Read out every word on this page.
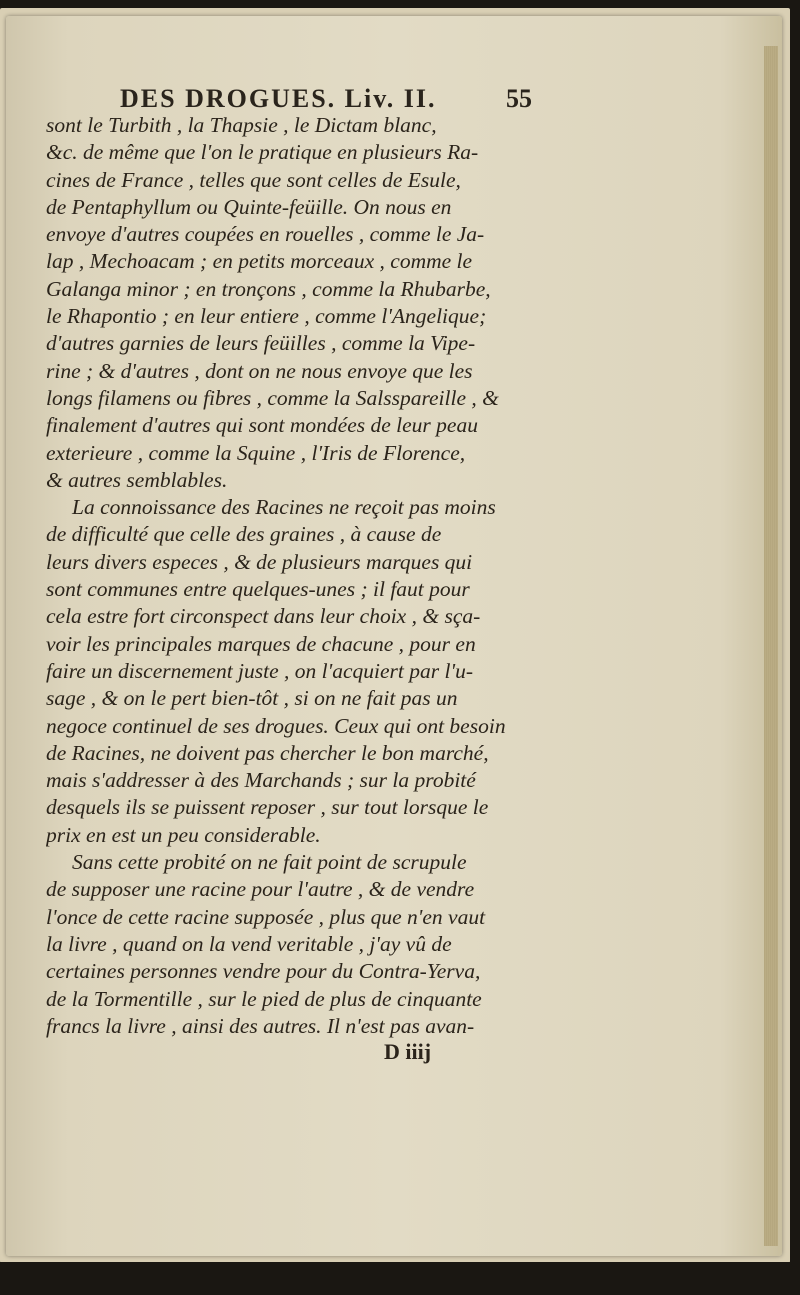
DES DROGUES. Liv. II.	55
sont le Turbith , la Thapsie , le Dictam blanc,
&c. de même que l'on le pratique en plusieurs Ra-
cines de France , telles que sont celles de Esule,
de Pentaphyllum ou Quinte-feüille. On nous en
envoye d'autres coupées en rouelles , comme le Ja-
lap , Mechoacam ; en petits morceaux , comme le
Galanga minor ; en tronçons , comme la Rhubarbe,
le Rhapontio ; en leur entiere , comme l'Angelique;
d'autres garnies de leurs feüilles , comme la Vipe-
rine ; & d'autres , dont on ne nous envoye que les
longs filamens ou fibres , comme la Salsspareille , &
finalement d'autres qui sont mondées de leur peau
exterieure , comme la Squine , l'Iris de Florence,
& autres semblables.
La connoissance des Racines ne reçoit pas moins
de difficulté que celle des graines , à cause de
leurs divers especes , & de plusieurs marques qui
sont communes entre quelques-unes ; il faut pour
cela estre fort circonspect dans leur choix , & sça-
voir les principales marques de chacune , pour en
faire un discernement juste , on l'acquiert par l'u-
sage , & on le pert bien-tôt , si on ne fait pas un
negoce continuel de ses drogues. Ceux qui ont besoin
de Racines, ne doivent pas chercher le bon marché,
mais s'addresser à des Marchands ; sur la probité
desquels ils se puissent reposer , sur tout lorsque le
prix en est un peu considerable.
Sans cette probité on ne fait point de scrupule
de supposer une racine pour l'autre , & de vendre
l'once de cette racine supposée , plus que n'en vaut
la livre , quand on la vend veritable , j'ay vû de
certaines personnes vendre pour du Contra-Yerva,
de la Tormentille , sur le pied de plus de cinquante
francs la livre , ainsi des autres. Il n'est pas avan-
D iiij
